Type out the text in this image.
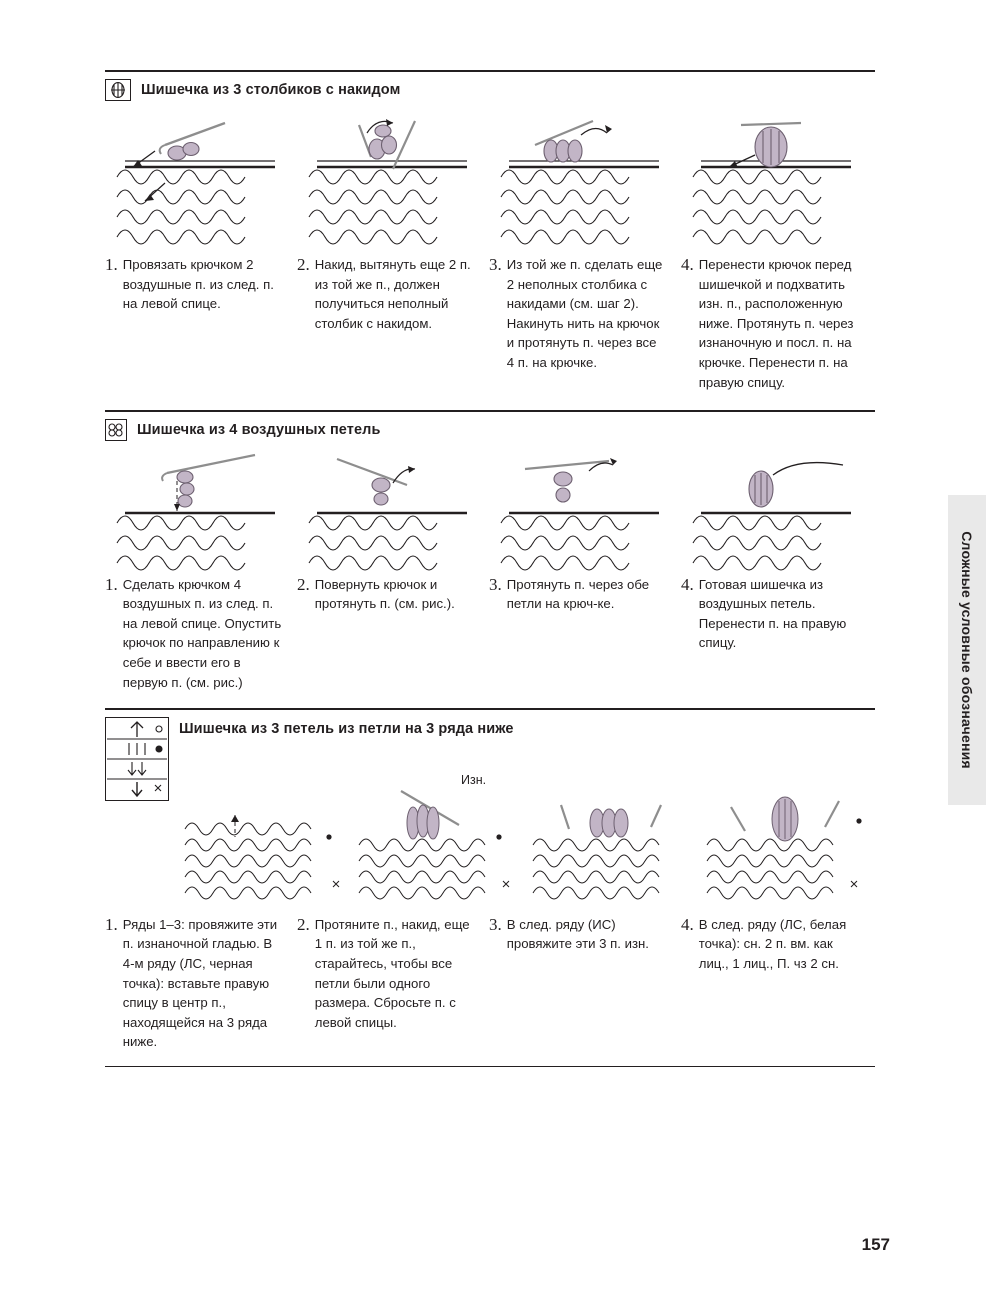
Сложные условные обозначения
Шишечка из 3 столбиков с накидом
1. Провязать крючком 2 воздушные п. из след. п. на левой спице.
2. Накид, вытянуть еще 2 п. из той же п., должен получиться неполный столбик с накидом.
3. Из той же п. сделать еще 2 неполных столбика с накидами (см. шаг 2). Накинуть нить на крючок и протянуть п. через все 4 п. на крючке.
4. Перенести крючок перед шишечкой и подхватить изн. п., расположенную ниже. Протянуть п. через изнаночную и посл. п. на крючке. Перенести п. на правую спицу.
Шишечка из 4 воздушных петель
1. Сделать крючком 4 воздушных п. из след. п. на левой спице. Опустить крючок по направлению к себе и ввести его в первую п. (см. рис.)
2. Повернуть крючок и протянуть п. (см. рис.).
3. Протянуть п. через обе петли на крюч-ке.
4. Готовая шишечка из воздушных петель. Перенести п. на правую спицу.
Шишечка из 3 петель из петли на 3 ряда ниже
Изн.
1. Ряды 1–3: провяжите эти п. изнаночной гладью. В 4-м ряду (ЛС, черная точка): вставьте правую спицу в центр п., находящейся на 3 ряда ниже.
2. Протяните п., накид, еще 1 п. из той же п., старайтесь, чтобы все петли были одного размера. Сбросьте п. с левой спицы.
3. В след. ряду (ИС) провяжите эти 3 п. изн.
4. В след. ряду (ЛС, белая точка): сн. 2 п. вм. как лиц., 1 лиц., П. чз 2 сн.
157
